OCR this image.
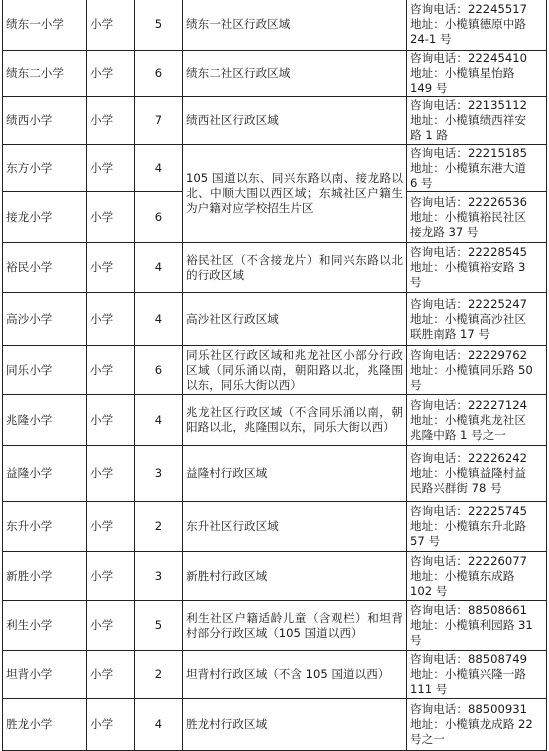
绩东一小学	小学	5	绩东一社区行政区域	咨询电话：22245517
地址：小榄镇德原中路
24-1 号

绩东二小学	小学	6	绩东二社区行政区域	咨询电话：22245410
地址：小榄镇星怡路
149 号

绩西小学	小学	7	绩西社区行政区域	咨询电话：22135112
地址：小榄镇绩西祥安
路 1 路

东方小学	小学	4	105 国道以东、同兴东路以南、接龙路以北、中顺大围以西区域；东城社区户籍生为户籍对应学校招生片区	咨询电话：22215185
地址：小榄镇东港大道
6 号

接龙小学	小学	6		咨询电话：22226536
地址：小榄镇裕民社区
接龙路 37 号

裕民小学	小学	4	裕民社区（不含接龙片）和同兴东路以北的行政区域	咨询电话：22228545
地址：小榄镇裕安路 3
号

高沙小学	小学	4	高沙社区行政区域	咨询电话：22225247
地址：小榄镇高沙社区
联胜南路 17 号

同乐小学	小学	6	同乐社区行政区域和兆龙社区小部分行政区域（同乐涌以南，朝阳路以北，兆隆围以东，同乐大街以西）	咨询电话：22229762
地址：小榄镇同乐路 50
号

兆隆小学	小学	4	兆龙社区行政区域（不含同乐涌以南，朝阳路以北，兆隆围以东，同乐大街以西）	咨询电话：22227124
地址：小榄镇兆龙社区
兆隆中路 1 号之一

益隆小学	小学	3	益隆村行政区域	咨询电话：22226242
地址：小榄镇益隆村益
民路兴群街 78 号

东升小学	小学	2	东升社区行政区域	咨询电话：22225745
地址：小榄镇东升北路
57 号

新胜小学	小学	3	新胜村行政区域	咨询电话：22226077
地址：小榄镇东成路
102 号

利生小学	小学	5	利生社区户籍适龄儿童（含观栏）和坦背村部分行政区域（105 国道以西）	咨询电话：88508661
地址：小榄镇利园路 31
号

坦背小学	小学	2	坦背村行政区域（不含 105 国道以西）	咨询电话：88508749
地址：小榄镇兴隆一路
111 号

胜龙小学	小学	4	胜龙村行政区域	咨询电话：88500931
地址：小榄镇龙成路 22
号之一
